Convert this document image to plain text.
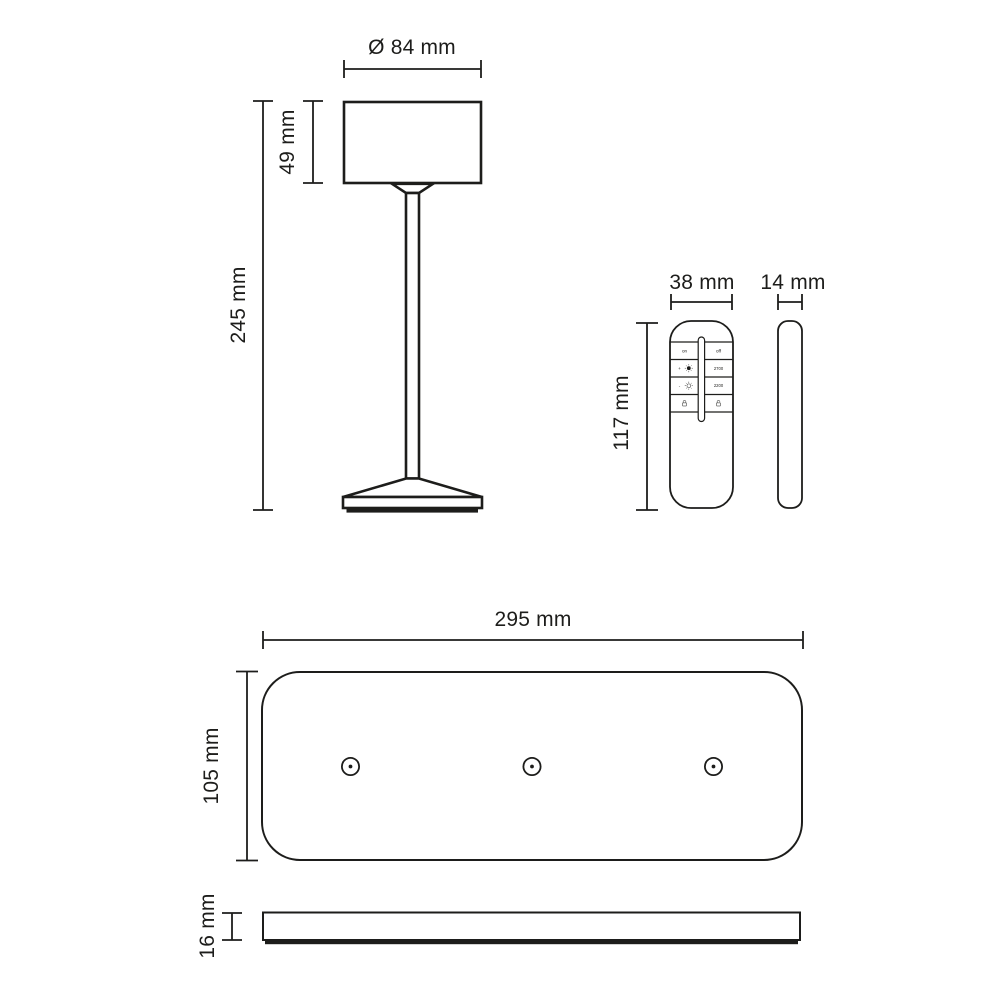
Ø 84 mm
49 mm
245 mm
on	off
+	2700
-	2200
38 mm
117 mm
14 mm
295 mm
105 mm
16 mm
